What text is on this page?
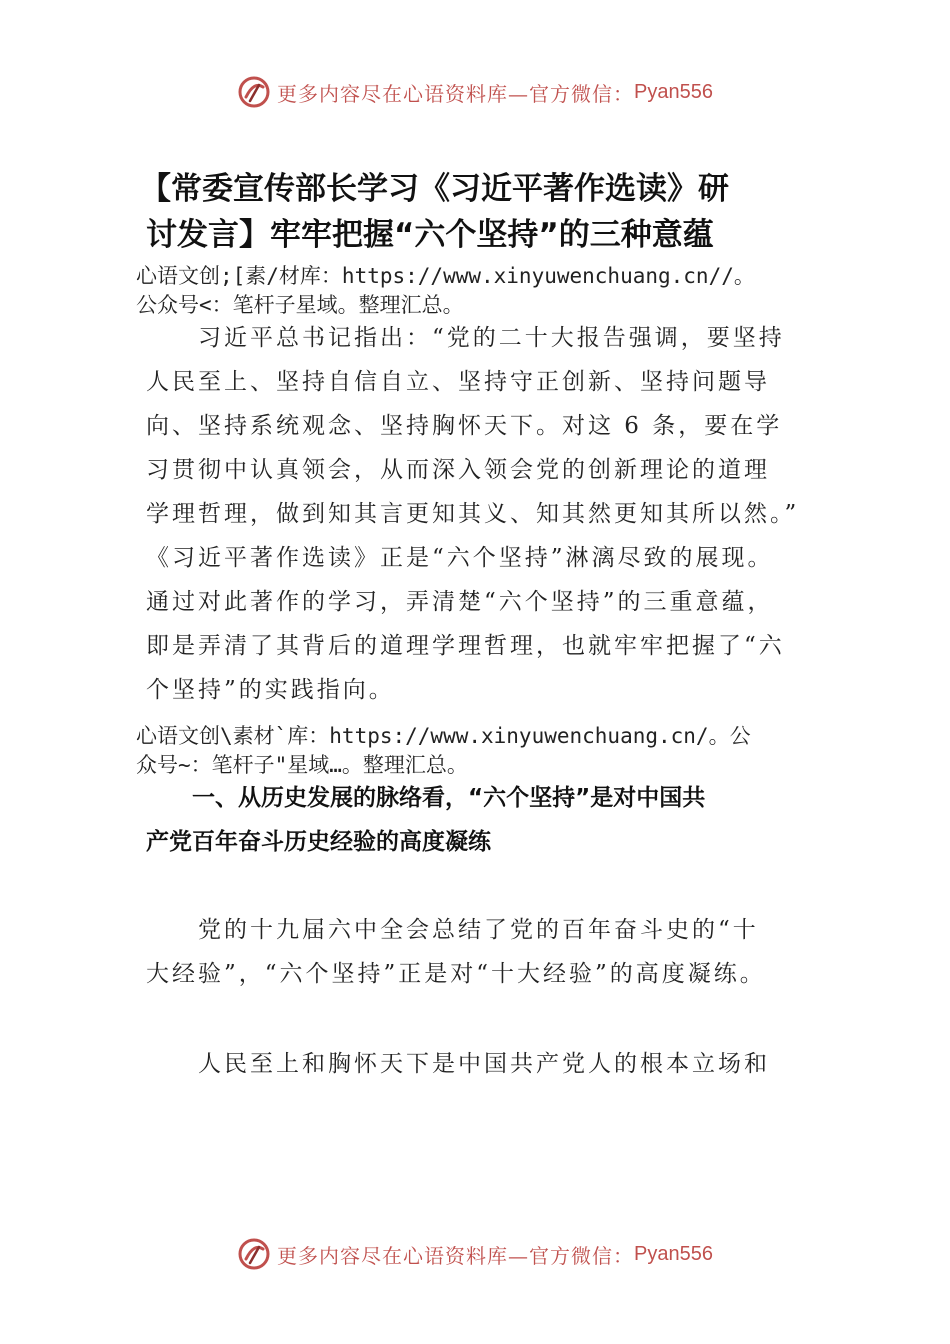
更多内容尽在心语资料库—官方微信： Pyan556
【常委宣传部长学习《习近平著作选读》研
讨发言】牢牢把握“六个坚持”的三种意蕴
心语文创;[素/材库：https://www.xinyuwenchuang.cn//。
公众号<：笔杆子星域。整理汇总。
　　习近平总书记指出：“党的二十大报告强调，要坚持
人民至上、坚持自信自立、坚持守正创新、坚持问题导
向、坚持系统观念、坚持胸怀天下。对这 6 条，要在学
习贯彻中认真领会，从而深入领会党的创新理论的道理
学理哲理，做到知其言更知其义、知其然更知其所以然。”
《习近平著作选读》正是“六个坚持”淋漓尽致的展现。
通过对此著作的学习，弄清楚“六个坚持”的三重意蕴，
即是弄清了其背后的道理学理哲理，也就牢牢把握了“六
个坚持”的实践指向。
心语文创\素材`库：https://www.xinyuwenchuang.cn/。公
众号~：笔杆子"星域…。整理汇总。
　　一、从历史发展的脉络看，“六个坚持”是对中国共
产党百年奋斗历史经验的高度凝练
　　党的十九届六中全会总结了党的百年奋斗史的“十
大经验”，“六个坚持”正是对“十大经验”的高度凝练。
　　人民至上和胸怀天下是中国共产党人的根本立场和
更多内容尽在心语资料库—官方微信： Pyan556
